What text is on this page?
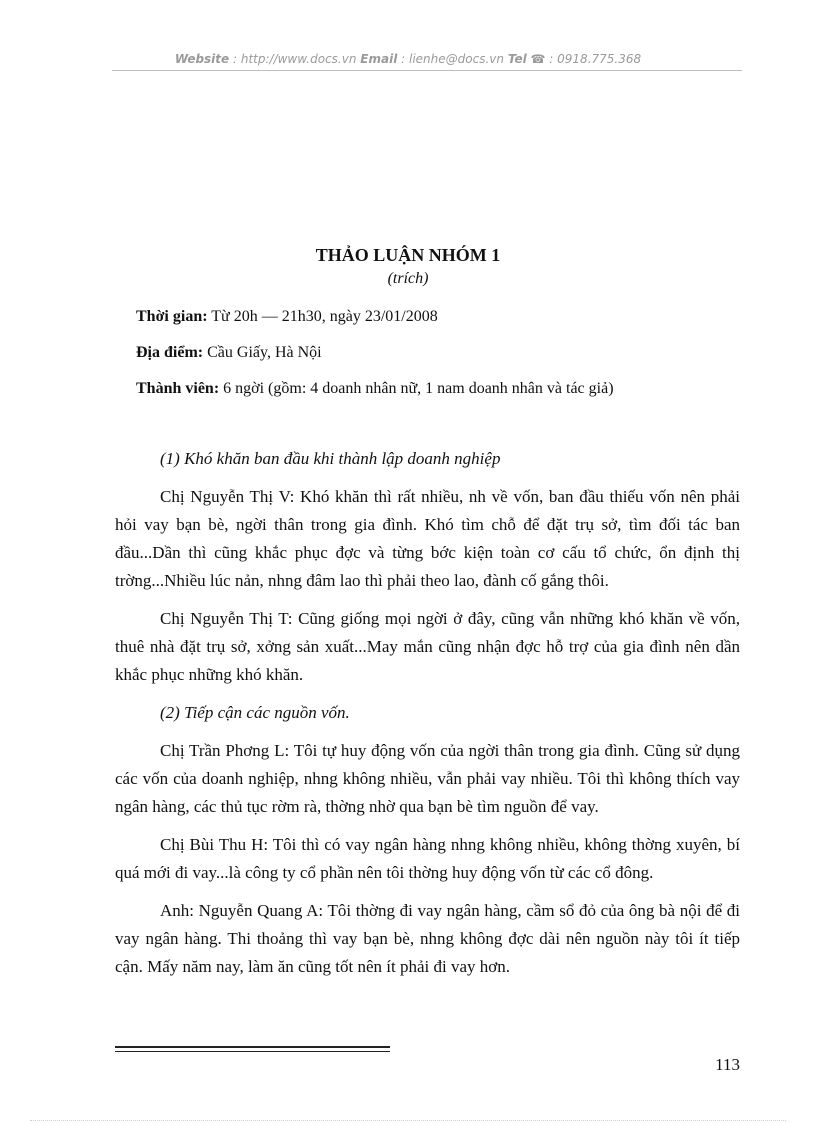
Website : http://www.docs.vn Email : lienhe@docs.vn Tel ☎ : 0918.775.368
THẢO LUẬN NHÓM 1
(trích)
Thời gian: Từ 20h — 21h30, ngày 23/01/2008
Địa điểm: Cầu Giấy, Hà Nội
Thành viên: 6 ngời (gồm: 4 doanh nhân nữ, 1 nam doanh nhân và tác giả)

(1) Khó khăn ban đầu khi thành lập doanh nghiệp

Chị Nguyễn Thị V: Khó khăn thì rất nhiều, nh về vốn, ban đầu thiếu vốn nên phải hỏi vay bạn bè, ngời thân trong gia đình. Khó tìm chỗ để đặt trụ sở, tìm đối tác ban đầu...Dần thì cũng khắc phục đợc và từng bớc kiện toàn cơ cấu tổ chức, ổn định thị trờng...Nhiều lúc nản, nhng đâm lao thì phải theo lao, đành cố gắng thôi.

Chị Nguyễn Thị T: Cũng giống mọi ngời ở đây, cũng vẫn những khó khăn về vốn, thuê nhà đặt trụ sở, xởng sản xuất...May mắn cũng nhận đợc hỗ trợ của gia đình nên dần khắc phục những khó khăn.

(2) Tiếp cận các nguồn vốn.

Chị Trần Phơng L: Tôi tự huy động vốn của ngời thân trong gia đình. Cũng sử dụng các vốn của doanh nghiệp, nhng không nhiều, vẫn phải vay nhiều. Tôi thì không thích vay ngân hàng, các thủ tục rờm rà, thờng nhờ qua bạn bè tìm nguồn để vay.

Chị Bùi Thu H: Tôi thì có vay ngân hàng nhng không nhiều, không thờng xuyên, bí quá mới đi vay...là công ty cổ phần nên tôi thờng huy động vốn từ các cổ đông.

Anh: Nguyễn Quang A: Tôi thờng đi vay ngân hàng, cầm sổ đỏ của ông bà nội để đi vay ngân hàng. Thi thoảng thì vay bạn bè, nhng không đợc dài nên nguồn này tôi ít tiếp cận. Mấy năm nay, làm ăn cũng tốt nên ít phải đi vay hơn.

113
